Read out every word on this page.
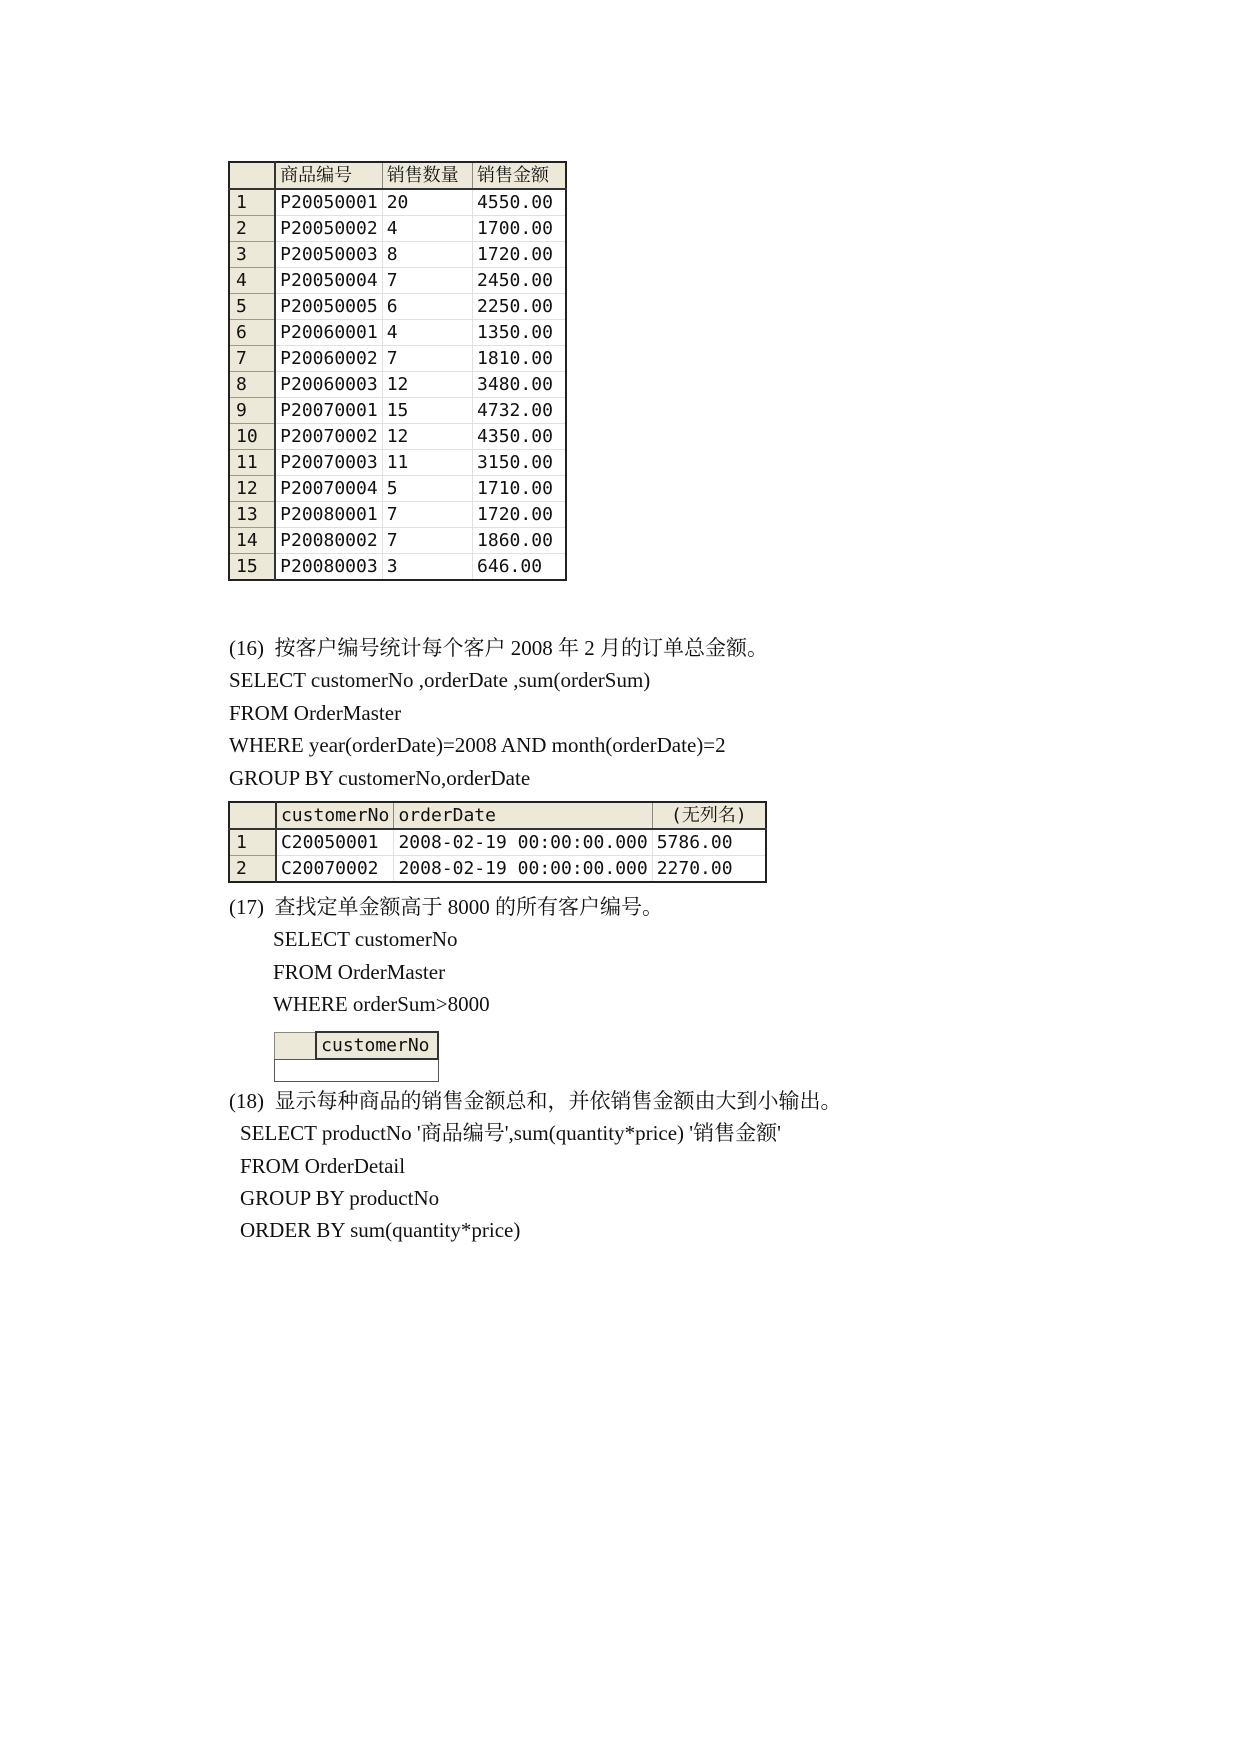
	商品编号	销售数量	销售金额
1	P20050001	20	4550.00
2	P20050002	4	1700.00
3	P20050003	8	1720.00
4	P20050004	7	2450.00
5	P20050005	6	2250.00
6	P20060001	4	1350.00
7	P20060002	7	1810.00
8	P20060003	12	3480.00
9	P20070001	15	4732.00
10	P20070002	12	4350.00
11	P20070003	11	3150.00
12	P20070004	5	1710.00
13	P20080001	7	1720.00
14	P20080002	7	1860.00
15	P20080003	3	646.00
(16)  按客户编号统计每个客户 2008 年 2 月的订单总金额。
SELECT customerNo ,orderDate ,sum(orderSum)
FROM OrderMaster
WHERE year(orderDate)=2008 AND month(orderDate)=2
GROUP BY customerNo,orderDate
	customerNo	orderDate	(无列名)
1	C20050001	2008-02-19 00:00:00.000	5786.00
2	C20070002	2008-02-19 00:00:00.000	2270.00
(17)  查找定单金额高于 8000 的所有客户编号。
SELECT customerNo
FROM OrderMaster
WHERE orderSum>8000
	customerNo

(18)  显示每种商品的销售金额总和，并依销售金额由大到小输出。
SELECT productNo '商品编号',sum(quantity*price) '销售金额'
FROM OrderDetail
GROUP BY productNo
ORDER BY sum(quantity*price)
